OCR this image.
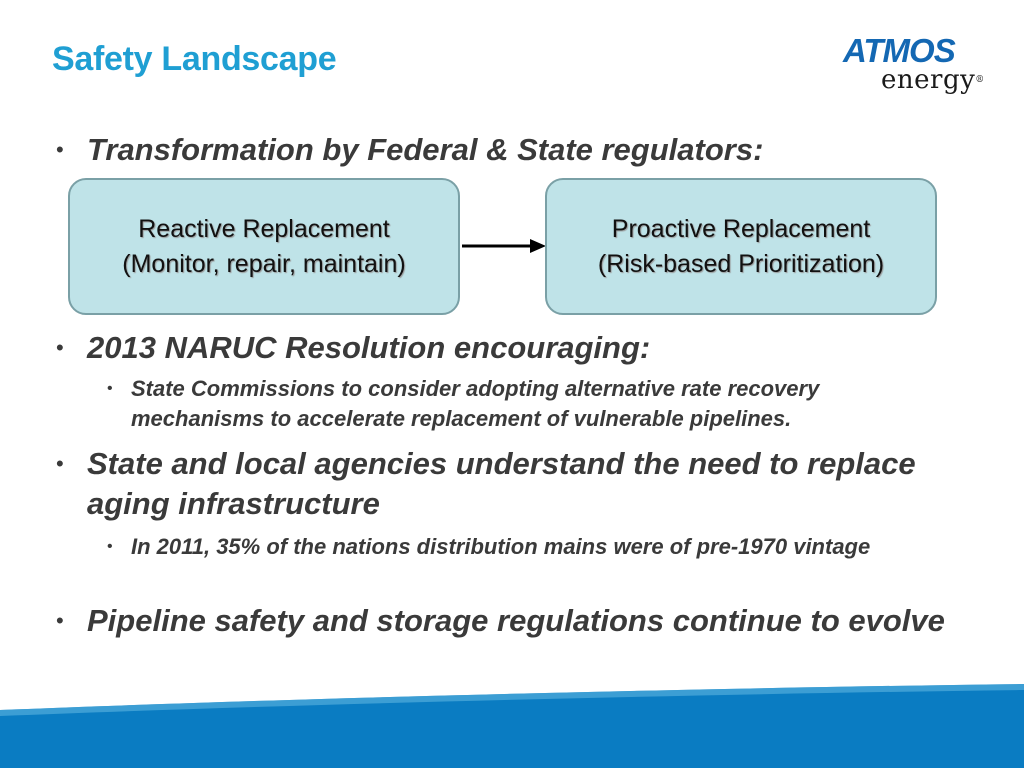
Safety Landscape	ATMOS
energy®
• Transformation by Federal & State regulators:
Reactive Replacement
(Monitor, repair, maintain)
Proactive Replacement
(Risk-based Prioritization)
• 2013 NARUC Resolution encouraging:
• State Commissions to consider adopting alternative rate recovery mechanisms to accelerate replacement of vulnerable pipelines.
• State and local agencies understand the need to replace aging infrastructure
• In 2011, 35% of the nations distribution mains were of pre-1970 vintage
• Pipeline safety and storage regulations continue to evolve
